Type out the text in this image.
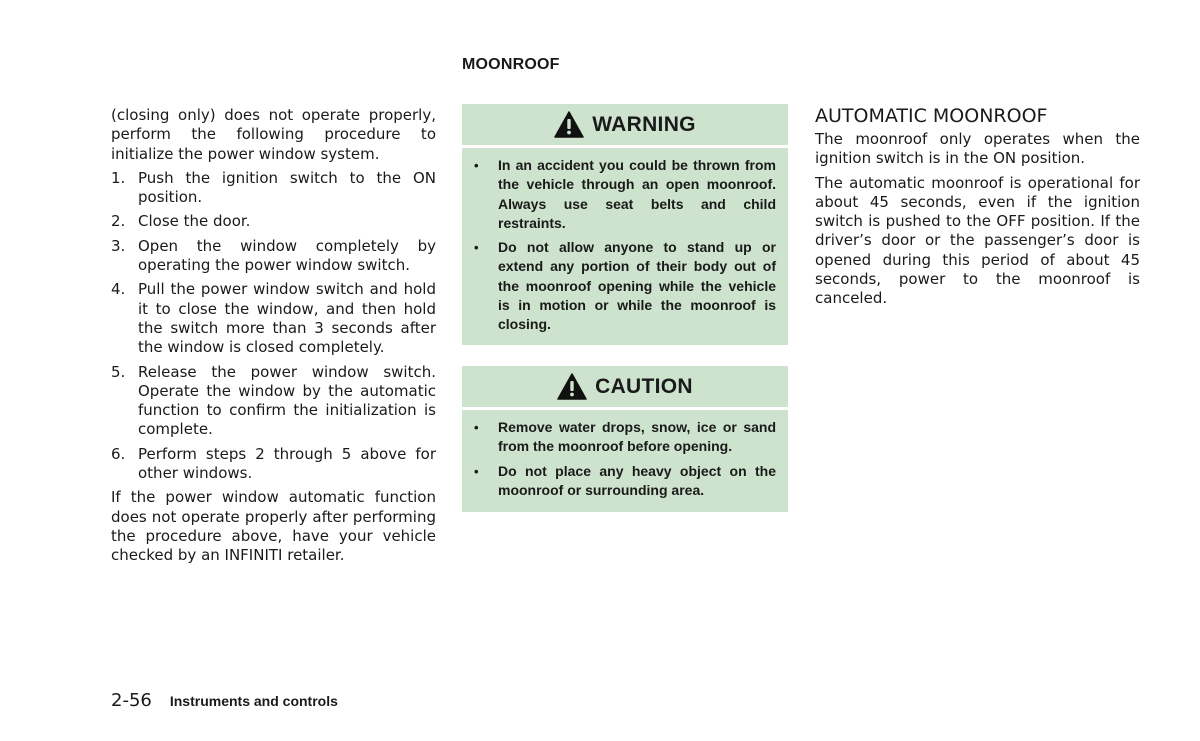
MOONROOF

(closing only) does not operate properly, perform the following procedure to initialize the power window system.

1. Push the ignition switch to the ON position.
2. Close the door.
3. Open the window completely by operating the power window switch.
4. Pull the power window switch and hold it to close the window, and then hold the switch more than 3 seconds after the window is closed completely.
5. Release the power window switch. Operate the window by the automatic function to confirm the initialization is complete.
6. Perform steps 2 through 5 above for other windows.

If the power window automatic function does not operate properly after performing the procedure above, have your vehicle checked by an INFINITI retailer.

WARNING
•	In an accident you could be thrown from the vehicle through an open moonroof. Always use seat belts and child restraints.
•	Do not allow anyone to stand up or extend any portion of their body out of the moonroof opening while the vehicle is in motion or while the moonroof is closing.
CAUTION
•	Remove water drops, snow, ice or sand from the moonroof before opening.
•	Do not place any heavy object on the moonroof or surrounding area.
AUTOMATIC MOONROOF

The moonroof only operates when the ignition switch is in the ON position.

The automatic moonroof is operational for about 45 seconds, even if the ignition switch is pushed to the OFF position. If the driver’s door or the passenger’s door is opened during this period of about 45 seconds, power to the moonroof is canceled.

2-56 Instruments and controls
